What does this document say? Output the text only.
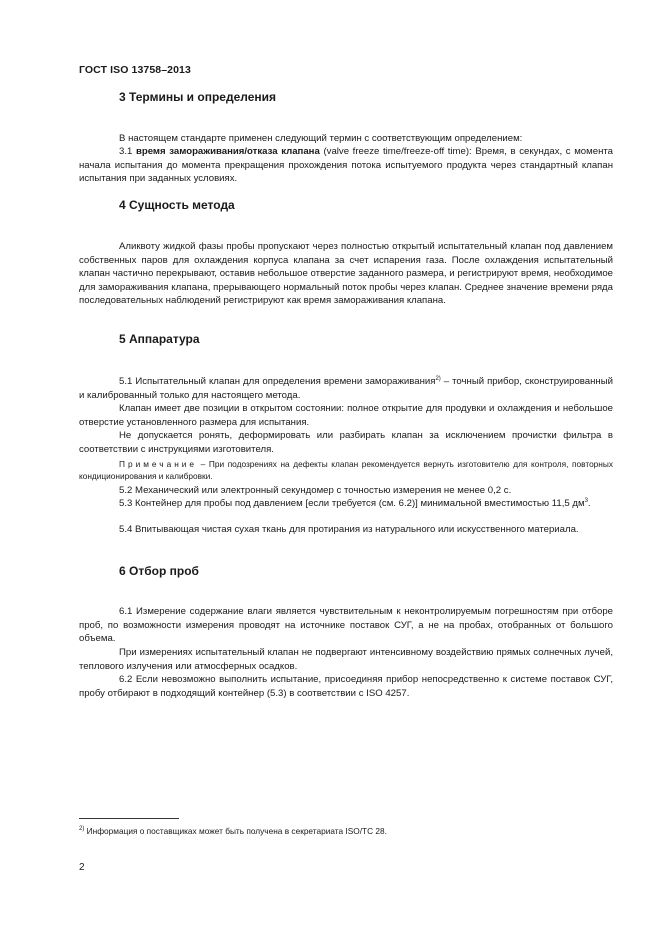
ГОСТ ISO 13758–2013
3 Термины и определения

В настоящем стандарте применен следующий термин с соответствующим определением:

3.1 время замораживания/отказа клапана (valve freeze time/freeze-off time): Время, в секундах, с момента начала испытания до момента прекращения прохождения потока испытуемого продукта через стандартный клапан испытания при заданных условиях.

4 Сущность метода

Аликвоту жидкой фазы пробы пропускают через полностью открытый испытательный клапан под давлением собственных паров для охлаждения корпуса клапана за счет испарения газа. После охлаждения испытательный клапан частично перекрывают, оставив небольшое отверстие заданного размера, и регистрируют время, необходимое для замораживания клапана, прерывающего нормальный поток пробы через клапан. Среднее значение времени ряда последовательных наблюдений регистрируют как время замораживания клапана.

5 Аппаратура

5.1 Испытательный клапан для определения времени замораживания$^{2)}$ – точный прибор, сконструированный и калиброванный только для настоящего метода.

Клапан имеет две позиции в открытом состоянии: полное открытие для продувки и охлаждения и небольшое отверстие установленного размера для испытания.

Не допускается ронять, деформировать или разбирать клапан за исключением прочистки фильтра в соответствии с инструкциями изготовителя.

Примечание – При подозрениях на дефекты клапан рекомендуется вернуть изготовителю для контроля, повторных кондиционирования и калибровки.

5.2 Механический или электронный секундомер с точностью измерения не менее 0,2 с.

5.3 Контейнер для пробы под давлением [если требуется (см. 6.2)] минимальной вместимостью 11,5 $дм^3$.

5.4 Впитывающая чистая сухая ткань для протирания из натурального или искусственного материала.

6 Отбор проб

6.1 Измерение содержание влаги является чувствительным к неконтролируемым погрешностям при отборе проб, по возможности измерения проводят на источнике поставок СУГ, а не на пробах, отобранных от большого объема.

При измерениях испытательный клапан не подвергают интенсивному воздействию прямых солнечных лучей, теплового излучения или атмосферных осадков.

6.2 Если невозможно выполнить испытание, присоединяя прибор непосредственно к системе поставок СУГ, пробу отбирают в подходящий контейнер (5.3) в соответствии с ISO 4257.

$^{2)}$ Информация о поставщиках может быть получена в секретариата ISO/TC 28.
2
